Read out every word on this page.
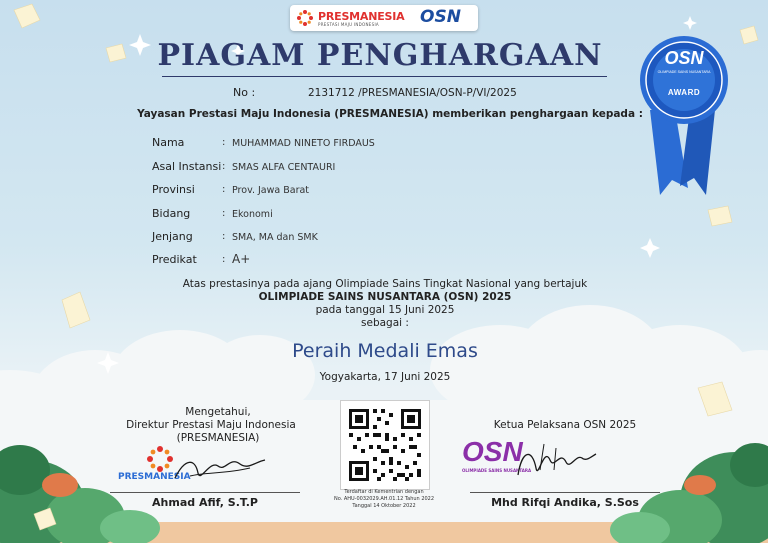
OSN
OLIMPIADE SAINS NUSANTARA
AWARD
PRESMANESIA
PRESTASI MAJU INDONESIA OSN
PIAGAM PENGHARGAAN
No :	2131712 /PRESMANESIA/OSN-P/VI/2025
Yayasan Prestasi Maju Indonesia (PRESMANESIA) memberikan penghargaan kepada :
Nama	: MUHAMMAD NINETO FIRDAUS
Asal Instansi : SMAS ALFA CENTAURI
Provinsi	: Prov. Jawa Barat
Bidang	: Ekonomi
Jenjang	: SMA, MA dan SMK
Predikat	: A+
Atas prestasinya pada ajang Olimpiade Sains Tingkat Nasional yang bertajuk
OLIMPIADE SAINS NUSANTARA (OSN) 2025
pada tanggal 15 Juni 2025
sebagai :
Peraih Medali Emas
Yogyakarta, 17 Juni 2025
Mengetahui,
Direktur Prestasi Maju Indonesia
(PRESMANESIA)
PRESMANESIA
Ahmad Afif, S.T.P
Terdaftar di Kementrian dengan
No. AHU-0032029.AH.01.12 Tahun 2022
Tanggal 14 Oktober 2022
Ketua Pelaksana OSN 2025
OSN
OLIMPIADE SAINS NUSANTARA
Mhd Rifqi Andika, S.Sos
